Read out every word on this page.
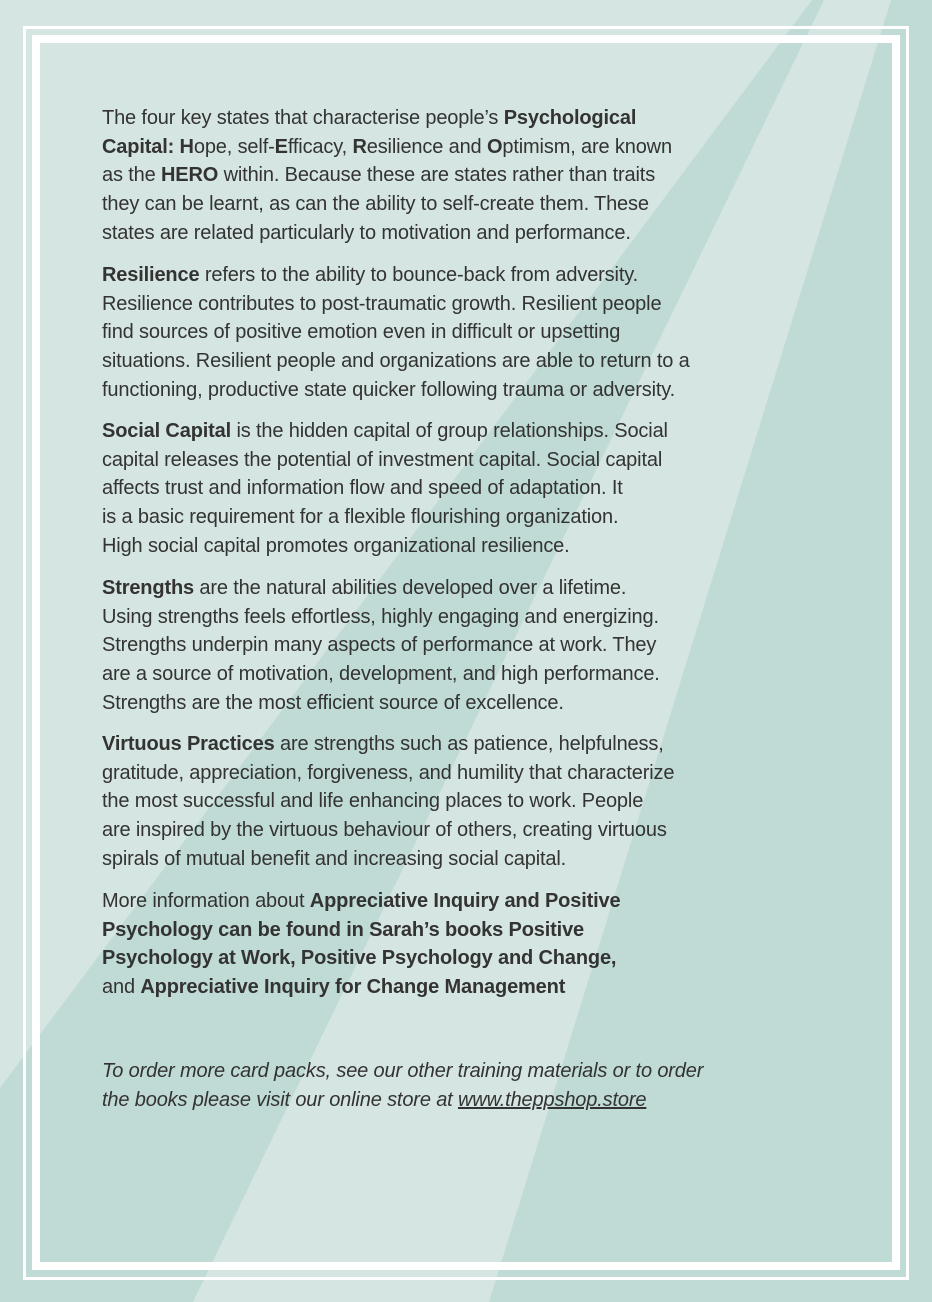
The four key states that characterise people’s Psychological
Capital: Hope, self-Efficacy, Resilience and Optimism, are known
as the HERO within. Because these are states rather than traits
they can be learnt, as can the ability to self-create them. These
states are related particularly to motivation and performance.

Resilience refers to the ability to bounce-back from adversity.
Resilience contributes to post-traumatic growth. Resilient people
find sources of positive emotion even in difficult or upsetting
situations. Resilient people and organizations are able to return to a
functioning, productive state quicker following trauma or adversity.

Social Capital is the hidden capital of group relationships. Social
capital releases the potential of investment capital. Social capital
affects trust and information flow and speed of adaptation. It
is a basic requirement for a flexible flourishing organization.
High social capital promotes organizational resilience.

Strengths are the natural abilities developed over a lifetime.
Using strengths feels effortless, highly engaging and energizing.
Strengths underpin many aspects of performance at work. They
are a source of motivation, development, and high performance.
Strengths are the most efficient source of excellence.

Virtuous Practices are strengths such as patience, helpfulness,
gratitude, appreciation, forgiveness, and humility that characterize
the most successful and life enhancing places to work. People
are inspired by the virtuous behaviour of others, creating virtuous
spirals of mutual benefit and increasing social capital.

More information about Appreciative Inquiry and Positive
Psychology can be found in Sarah’s books Positive
Psychology at Work, Positive Psychology and Change,
and Appreciative Inquiry for Change Management

To order more card packs, see our other training materials or to order
the books please visit our online store at www.theppshop.store
